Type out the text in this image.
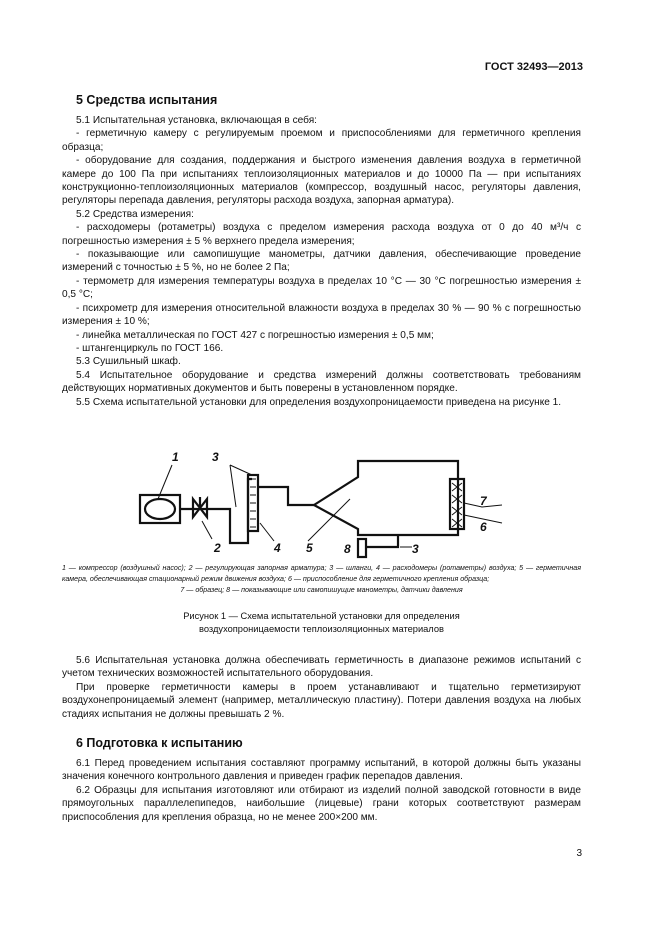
ГОСТ 32493—2013
5 Средства испытания

5.1 Испытательная установка, включающая в себя:

- герметичную камеру с регулируемым проемом и приспособлениями для герметичного крепления образца;

- оборудование для создания, поддержания и быстрого изменения давления воздуха в герметичной камере до 100 Па при испытаниях теплоизоляционных материалов и до 10000 Па — при испытаниях конструкционно-теплоизоляционных материалов (компрессор, воздушный насос, регуляторы давления, регуляторы перепада давления, регуляторы расхода воздуха, запорная арматура).

5.2 Средства измерения:

- расходомеры (ротаметры) воздуха с пределом измерения расхода воздуха от 0 до 40 м³/ч с погрешностью измерения ± 5 % верхнего предела измерения;

- показывающие или самопишущие манометры, датчики давления, обеспечивающие проведение измерений с точностью ± 5 %, но не более 2 Па;

- термометр для измерения температуры воздуха в пределах 10 °С — 30 °С погрешностью измерения ± 0,5 °С;

- психрометр для измерения относительной влажности воздуха в пределах 30 % — 90 % с погрешностью измерения ± 10 %;

- линейка металлическая по ГОСТ 427 с погрешностью измерения ± 0,5 мм;

- штангенциркуль по ГОСТ 166.

5.3 Сушильный шкаф.

5.4 Испытательное оборудование и средства измерений должны соответствовать требованиям действующих нормативных документов и быть поверены в установленном порядке.

5.5 Схема испытательной установки для определения воздухопроницаемости приведена на рисунке 1.

1	3
2	4 5	8	3
7
6
1 — компрессор (воздушный насос); 2 — регулирующая запорная арматура; 3 — шланги, 4 — расходомеры (ротаметры) воздуха; 5 — герметичная камера, обеспечивающая стационарный режим движения воздуха; 6 — приспособление для герметичного крепления образца;
7 — образец; 8 — показывающие или самопишущие манометры, датчики давления
Рисунок 1 — Схема испытательной установки для определения
воздухопроницаемости теплоизоляционных материалов

5.6 Испытательная установка должна обеспечивать герметичность в диапазоне режимов испытаний с учетом технических возможностей испытательного оборудования.

При проверке герметичности камеры в проем устанавливают и тщательно герметизируют воздухонепроницаемый элемент (например, металлическую пластину). Потери давления воздуха на любых стадиях испытания не должны превышать 2 %.

6 Подготовка к испытанию

6.1 Перед проведением испытания составляют программу испытаний, в которой должны быть указаны значения конечного контрольного давления и приведен график перепадов давления.

6.2 Образцы для испытания изготовляют или отбирают из изделий полной заводской готовности в виде прямоугольных параллелепипедов, наибольшие (лицевые) грани которых соответствуют размерам приспособления для крепления образца, но не менее 200×200 мм.

3
